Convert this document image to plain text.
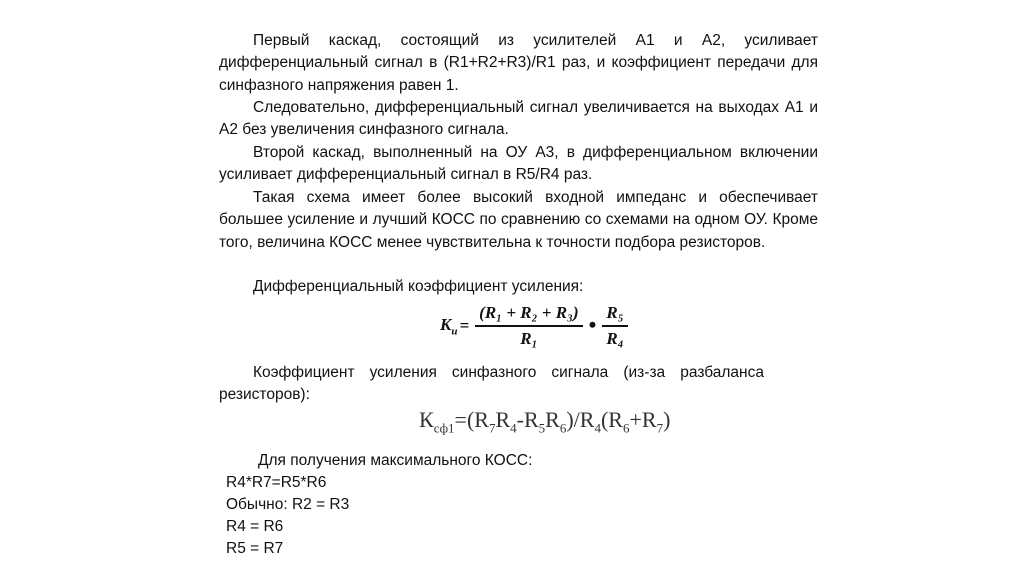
Первый каскад, состоящий из усилителей А1 и А2, усиливает дифференциальный сигнал в (R1+R2+R3)/R1 раз, и коэффициент передачи для синфазного напряжения равен 1.

Следовательно, дифференциальный сигнал увеличивается на выходах А1 и А2 без увеличения синфазного сигнала.

Второй каскад, выполненный на ОУ А3, в дифференциальном включении усиливает дифференциальный сигнал в R5/R4 раз.

Такая схема имеет более высокий входной импеданс и обеспечивает большее усиление и лучший КОСС по сравнению со схемами на одном ОУ. Кроме того, величина КОСС менее чувствительна к точности подбора резисторов.

Дифференциальный коэффициент усиления:

$K_и = \frac{\text{(R₁ + R₂ + R₃)}}{\text{R₁}}$ • $\frac{\text{R₅}}{\text{R₄}}$

Коэффициент усиления синфазного сигнала (из-за разбаланса резисторов):

$К_{сф1}=(R_7R_4-R_5R_6)/R_4(R_6+R_7)$

Для получения максимального КОСС:

R4*R7=R5*R6

Обычно: R2 = R3

R4 = R6

R5 = R7
